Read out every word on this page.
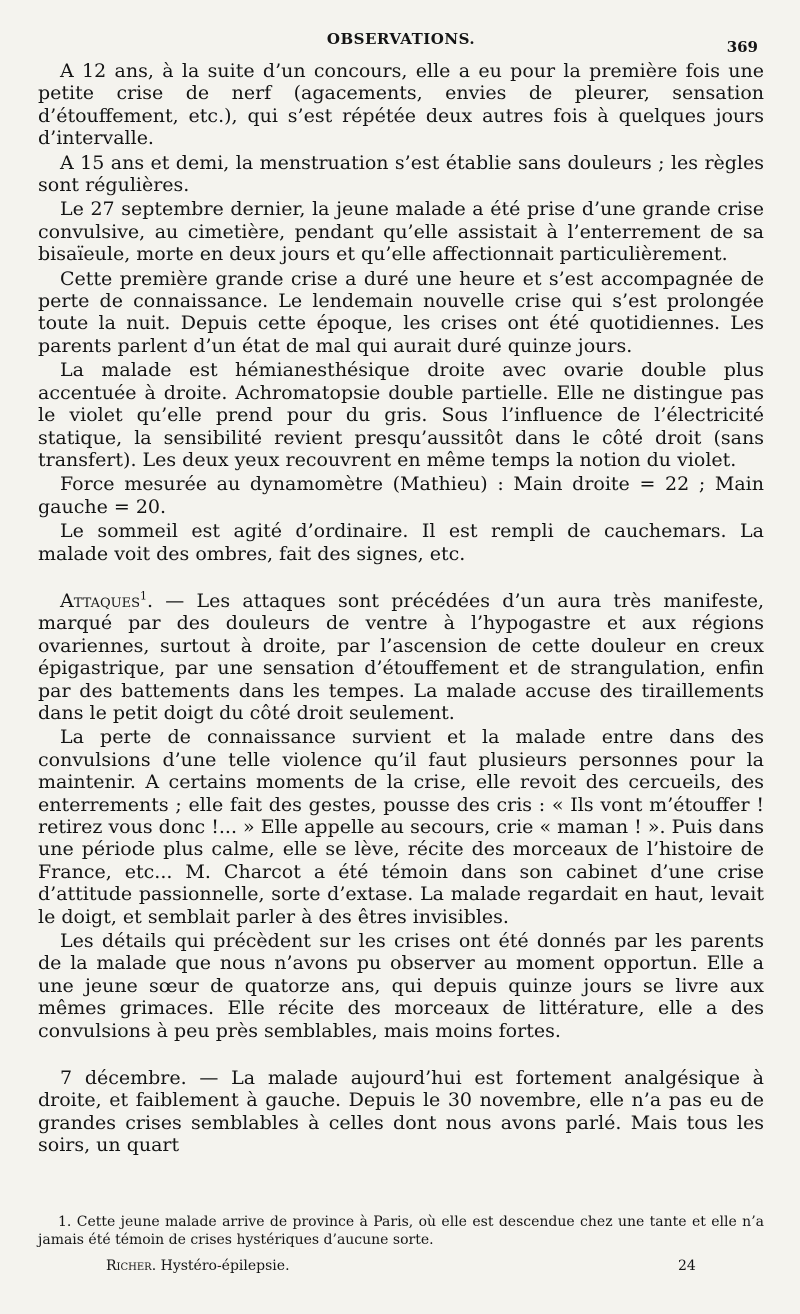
OBSERVATIONS.	369

A 12 ans, à la suite d’un concours, elle a eu pour la première fois une petite crise de nerf (agacements, envies de pleurer, sensation d’étouffement, etc.), qui s’est répétée deux autres fois à quelques jours d’intervalle.

A 15 ans et demi, la menstruation s’est établie sans douleurs ; les règles sont régulières.

Le 27 septembre dernier, la jeune malade a été prise d’une grande crise convulsive, au cimetière, pendant qu’elle assistait à l’enterrement de sa bisaïeule, morte en deux jours et qu’elle affectionnait particulièrement.

Cette première grande crise a duré une heure et s’est accompagnée de perte de connaissance. Le lendemain nouvelle crise qui s’est prolongée toute la nuit. Depuis cette époque, les crises ont été quotidiennes. Les parents parlent d’un état de mal qui aurait duré quinze jours.

La malade est hémianesthésique droite avec ovarie double plus accentuée à droite. Achromatopsie double partielle. Elle ne distingue pas le violet qu’elle prend pour du gris. Sous l’influence de l’électricité statique, la sensibilité revient presqu’aussitôt dans le côté droit (sans transfert). Les deux yeux recouvrent en même temps la notion du violet.

Force mesurée au dynamomètre (Mathieu) : Main droite = 22 ; Main gauche = 20.

Le sommeil est agité d’ordinaire. Il est rempli de cauchemars. La malade voit des ombres, fait des signes, etc.

Attaques$^1$. — Les attaques sont précédées d’un aura très manifeste, marqué par des douleurs de ventre à l’hypogastre et aux régions ovariennes, surtout à droite, par l’ascension de cette douleur en creux épigastrique, par une sensation d’étouffement et de strangulation, enfin par des battements dans les tempes. La malade accuse des tiraillements dans le petit doigt du côté droit seulement.

La perte de connaissance survient et la malade entre dans des convulsions d’une telle violence qu’il faut plusieurs personnes pour la maintenir. A certains moments de la crise, elle revoit des cercueils, des enterrements ; elle fait des gestes, pousse des cris : « Ils vont m’étouffer ! retirez vous donc !... » Elle appelle au secours, crie « maman ! ». Puis dans une période plus calme, elle se lève, récite des morceaux de l’histoire de France, etc... M. Charcot a été témoin dans son cabinet d’une crise d’attitude passionnelle, sorte d’extase. La malade regardait en haut, levait le doigt, et semblait parler à des êtres invisibles.

Les détails qui précèdent sur les crises ont été donnés par les parents de la malade que nous n’avons pu observer au moment opportun. Elle a une jeune sœur de quatorze ans, qui depuis quinze jours se livre aux mêmes grimaces. Elle récite des morceaux de littérature, elle a des convulsions à peu près semblables, mais moins fortes.

7 décembre. — La malade aujourd’hui est fortement analgésique à droite, et faiblement à gauche. Depuis le 30 novembre, elle n’a pas eu de grandes crises semblables à celles dont nous avons parlé. Mais tous les soirs, un quart

1. Cette jeune malade arrive de province à Paris, où elle est descendue chez une tante et elle n’a jamais été témoin de crises hystériques d’aucune sorte.

Richer. Hystéro-épilepsie.	24
